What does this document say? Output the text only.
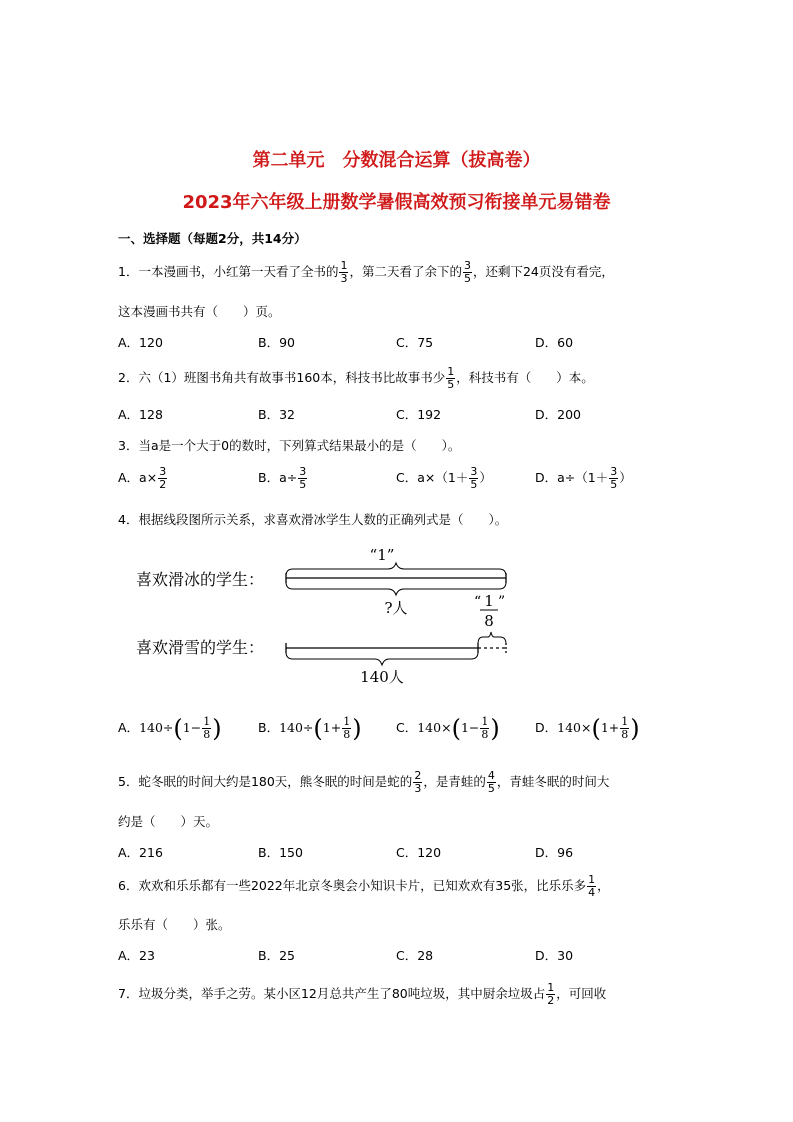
第二单元　分数混合运算（拔高卷）
2023年六年级上册数学暑假高效预习衔接单元易错卷
一、选择题（每题2分，共14分）
1．一本漫画书，小红第一天看了全书的 $\frac{1}{3}$ ，第二天看了余下的 $\frac{3}{5}$ ，还剩下24页没有看完，
这本漫画书共有（　　）页。
A．120	B．90	C．75	D．60
2．六（1）班图书角共有故事书160本，科技书比故事书少 $\frac{1}{5}$ ，科技书有（　　）本。
A．128	B．32	C．192	D．200
3．当a是一个大于0的数时，下列算式结果最小的是（　　）。
A．$a\times \frac{3}{2}$	B．$a\div \frac{3}{5}$	C．$a\times(1+ \frac{3}{5}$ ）	D．$a\div(1+ \frac{3}{5}$ ）
4．根据线段图所示关系，求喜欢滑冰学生人数的正确列式是（　　）。
喜欢滑冰的学生：
喜欢滑雪的学生：
“1”
?人	1
8
“ ”
140人
A．$140\div(1- \frac{1}{8}$ )	B．$140\div(1+ \frac{1}{8}$ )	C．$140\times(1- \frac{1}{8}$ )	D．$140\times(1+ \frac{1}{8}$ )
5．蛇冬眠的时间大约是180天，熊冬眠的时间是蛇的 $\frac{2}{3}$ ，是青蛙的 $\frac{4}{5}$ ，青蛙冬眠的时间大
约是（　　）天。
A．216	B．150	C．120	D．96
6．欢欢和乐乐都有一些2022年北京冬奥会小知识卡片，已知欢欢有35张，比乐乐多 $\frac{1}{4}$ ，
乐乐有（　　）张。
A．23	B．25	C．28	D．30
7．垃圾分类，举手之劳。某小区12月总共产生了80吨垃圾，其中厨余垃圾占 $\frac{1}{2}$ ，可回收
